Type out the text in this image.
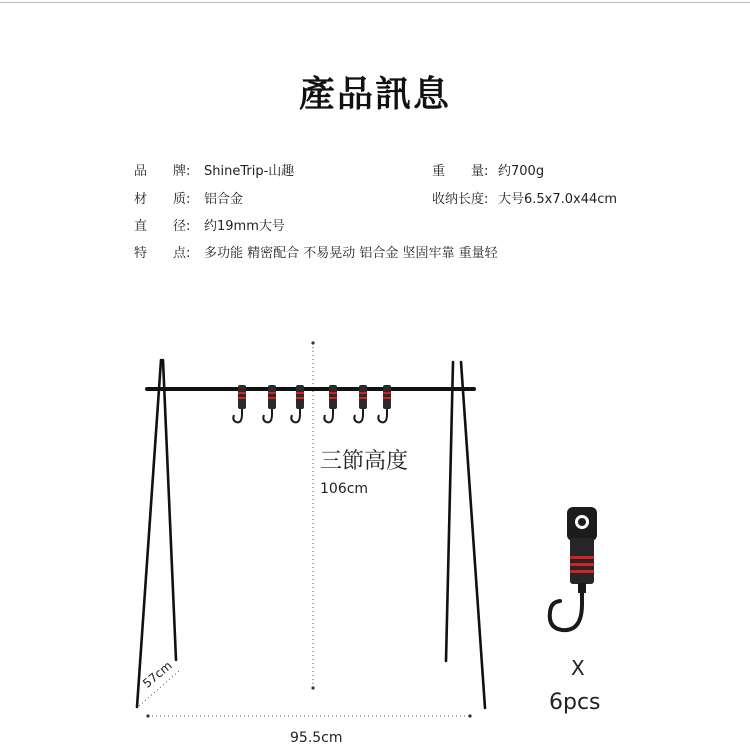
產品訊息
品　　牌: ShineTrip-山趣	重　　量: 约700g
材　　质: 铝合金	收纳长度: 大号6.5x7.0x44cm
直　　径: 约19mm大号
特　　点: 多功能 精密配合 不易晃动 铝合金 坚固牢靠 重量轻
三節高度
106cm
57cm
95.5cm
X
6pcs
